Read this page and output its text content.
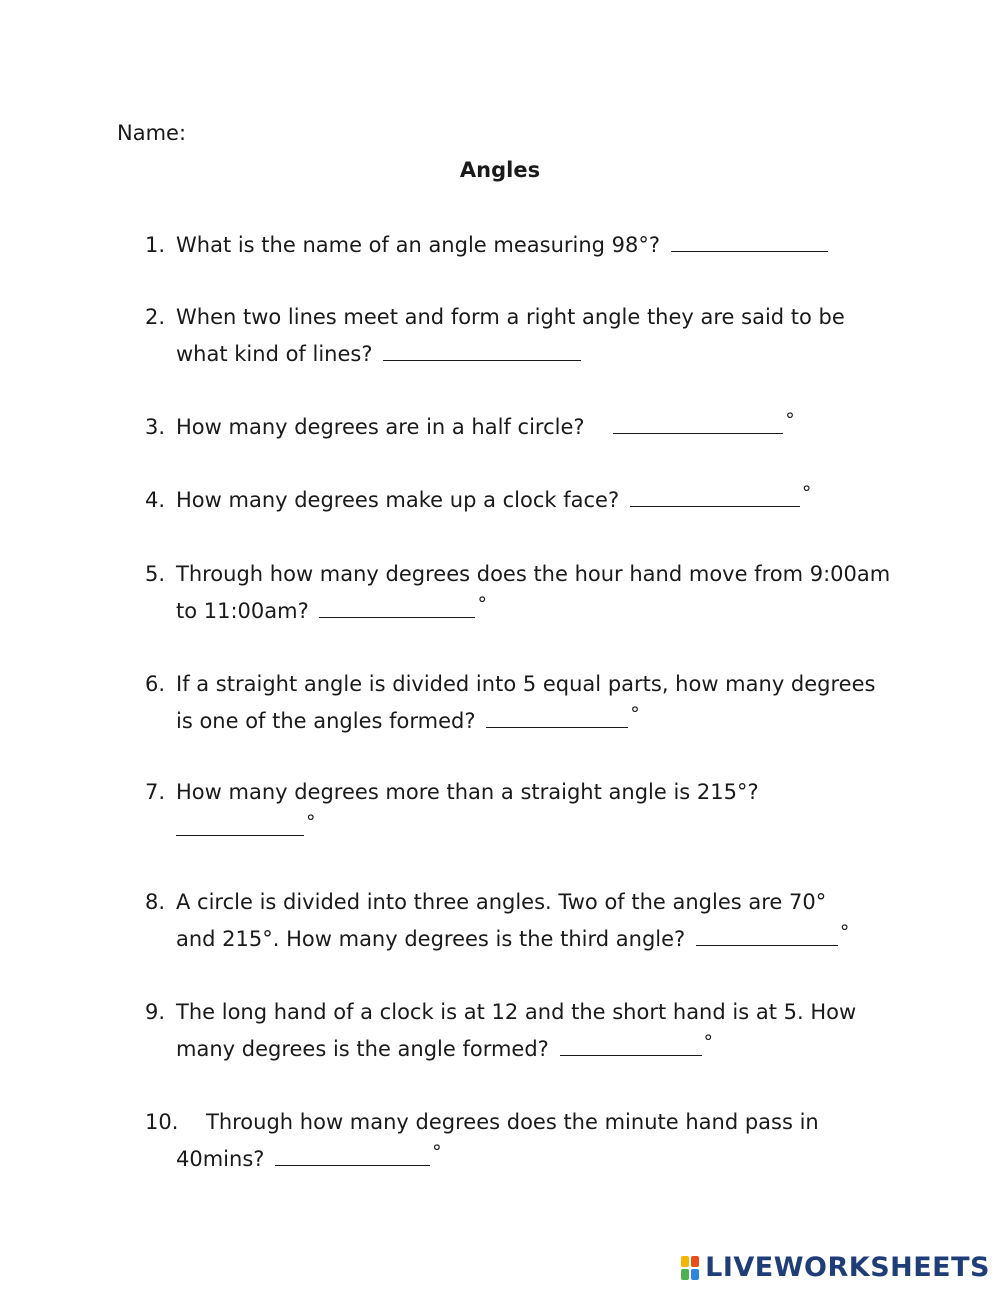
Name:
Angles
1. What is the name of an angle measuring 98°?
2. When two lines meet and form a right angle they are said to be
what kind of lines?
3. How many degrees are in a half circle?	°
4. How many degrees make up a clock face?	°
5. Through how many degrees does the hour hand move from 9:00am
to 11:00am?	°
6. If a straight angle is divided into 5 equal parts, how many degrees
is one of the angles formed?	°
7. How many degrees more than a straight angle is 215°?
°
8. A circle is divided into three angles. Two of the angles are 70°
and 215°. How many degrees is the third angle?	°
9. The long hand of a clock is at 12 and the short hand is at 5. How
many degrees is the angle formed?	°
10.	Through how many degrees does the minute hand pass in
40mins?	°
LIVEWORKSHEETS
